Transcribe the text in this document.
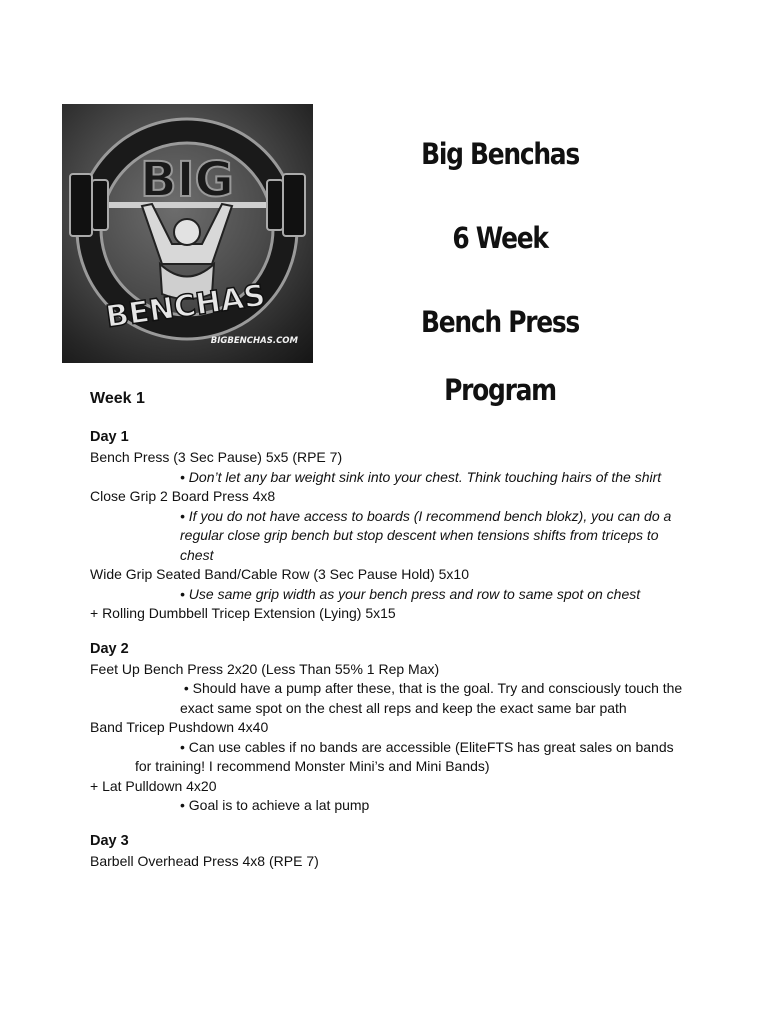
BIG
BENCHAS
BIGBENCHAS.COM
Big Benchas
6 Week
Bench Press Program
Week 1
Day 1
Bench Press (3 Sec Pause) 5x5 (RPE 7)
• Don’t let any bar weight sink into your chest. Think touching hairs of the shirt
Close Grip 2 Board Press 4x8
• If you do not have access to boards (I recommend bench blokz), you can do a
regular close grip bench but stop descent when tensions shifts from triceps to
chest
Wide Grip Seated Band/Cable Row (3 Sec Pause Hold) 5x10
• Use same grip width as your bench press and row to same spot on chest
+ Rolling Dumbbell Tricep Extension (Lying) 5x15
Day 2
Feet Up Bench Press 2x20 (Less Than 55% 1 Rep Max)
• Should have a pump after these, that is the goal. Try and consciously touch the
exact same spot on the chest all reps and keep the exact same bar path
Band Tricep Pushdown 4x40
• Can use cables if no bands are accessible (EliteFTS has great sales on bands
for training! I recommend Monster Mini’s and Mini Bands)
+ Lat Pulldown 4x20
• Goal is to achieve a lat pump
Day 3
Barbell Overhead Press 4x8 (RPE 7)
